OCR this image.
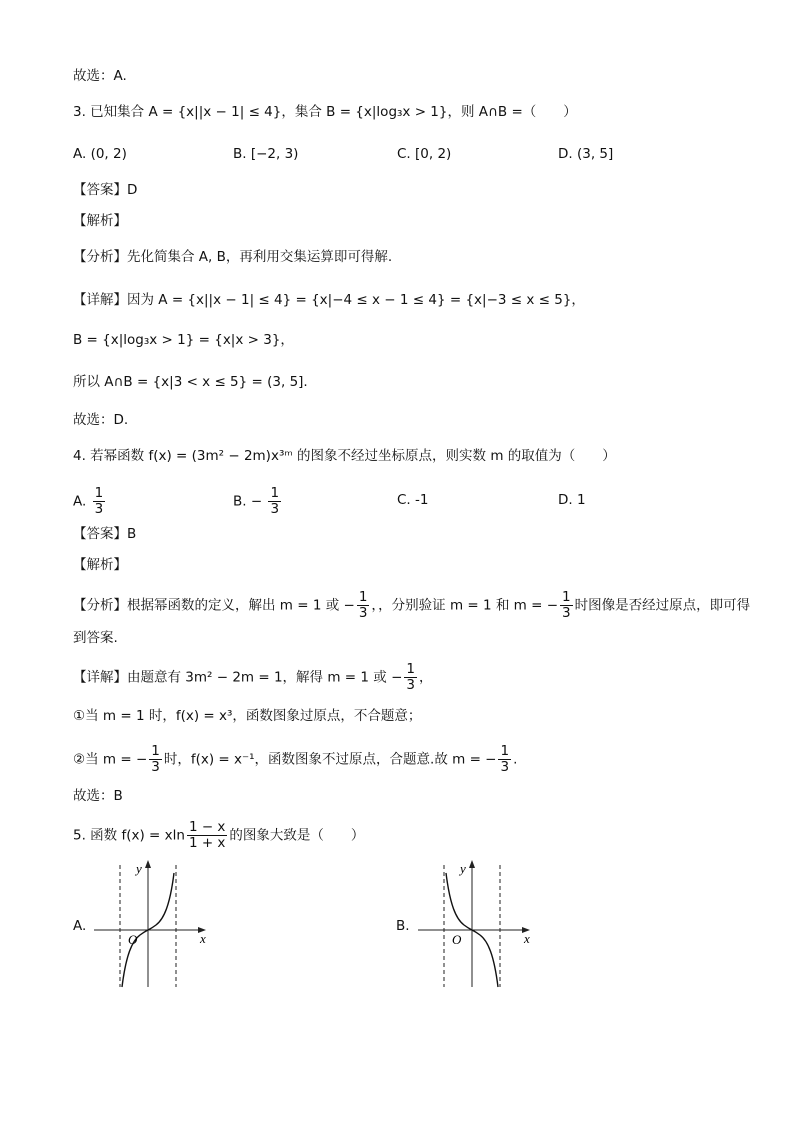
故选：A.
3. 已知集合 A = {x||x − 1| ≤ 4}，集合 B = {x|log₃x > 1}，则 A∩B =（　　）
A. (0, 2)	B. [−2, 3)	C. [0, 2)	D. (3, 5]
【答案】D
【解析】
【分析】先化简集合 A, B，再利用交集运算即可得解.
【详解】因为 A = {x||x − 1| ≤ 4} = {x|−4 ≤ x − 1 ≤ 4} = {x|−3 ≤ x ≤ 5}，
B = {x|log₃x > 1} = {x|x > 3}，
所以 A∩B = {x|3 < x ≤ 5} = (3, 5].
故选：D.
4. 若幂函数 f(x) = (3m² − 2m)x³ᵐ 的图象不经过坐标原点，则实数 m 的取值为（　　）
A. $\frac{1}{3}$	B. − $\frac{1}{3}$	C. -1	D. 1
【答案】B
【解析】
【分析】根据幂函数的定义，解出 m = 1 或 − $\frac{1}{3}$ ，，分别验证 m = 1 和 m = − $\frac{1}{3}$ 时图像是否经过原点，即可得
到答案.
【详解】由题意有 3m² − 2m = 1，解得 m = 1 或 − $\frac{1}{3}$ ，
①当 m = 1 时，f(x) = x³，函数图象过原点，不合题意；
②当 m = − $\frac{1}{3}$ 时，f(x) = x⁻¹，函数图象不过原点，合题意.故 m = − $\frac{1}{3}$ .
故选：B
5. 函数 f(x) = xln $\frac{1 - x}{1 + x}$ 的图象大致是（　　）
A.
y
x
O
B.
y
x
O
